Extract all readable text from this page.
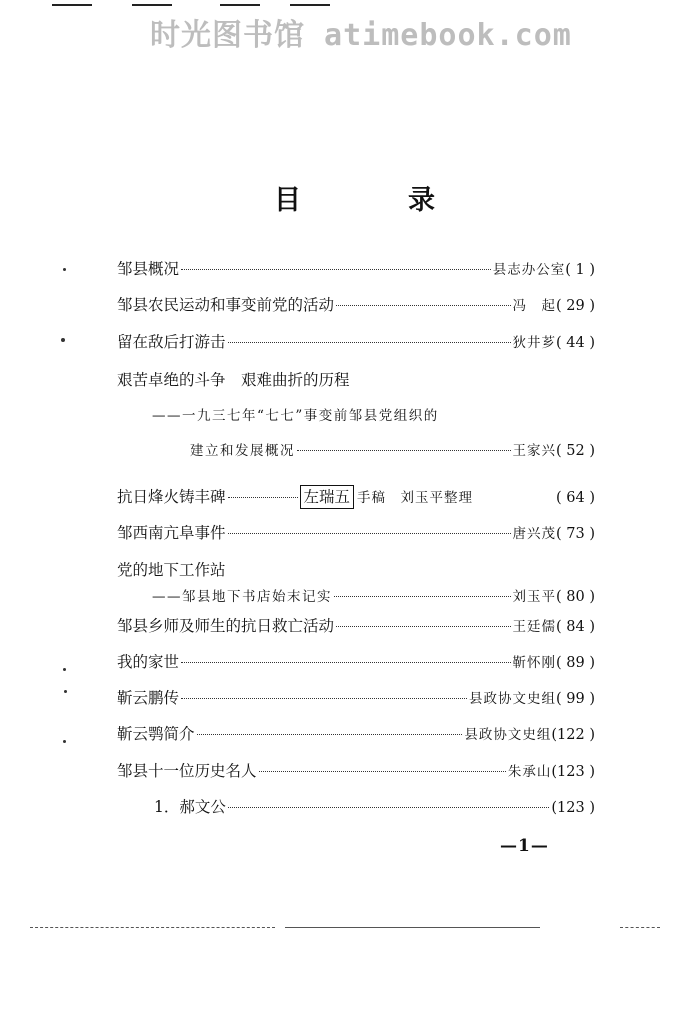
时光图书馆 atimebook.com
目	录
邹县概况	县志办公室 ( 1 )
邹县农民运动和事变前党的活动	冯　起 ( 29 )
留在敌后打游击	狄井芗 ( 44 )
艰苦卓绝的斗争　艰难曲折的历程
——一九三七年“七七”事变前邹县党组织的
建立和发展概况	王家兴 ( 52 )
抗日烽火铸丰碑	左瑞五 手稿　刘玉平整理	( 64 )
邹西南亢阜事件	唐兴茂 ( 73 )
党的地下工作站
——邹县地下书店始末记实	刘玉平 ( 80 )
邹县乡师及师生的抗日救亡活动	王廷儒 ( 84 )
我的家世	靳怀刚 ( 89 )
靳云鹏传	县政协文史组 ( 99 )
靳云鹗简介	县政协文史组 (122 )
邹县十一位历史名人	朱承山 (123 )
1．郝文公	(123 )
—1—
